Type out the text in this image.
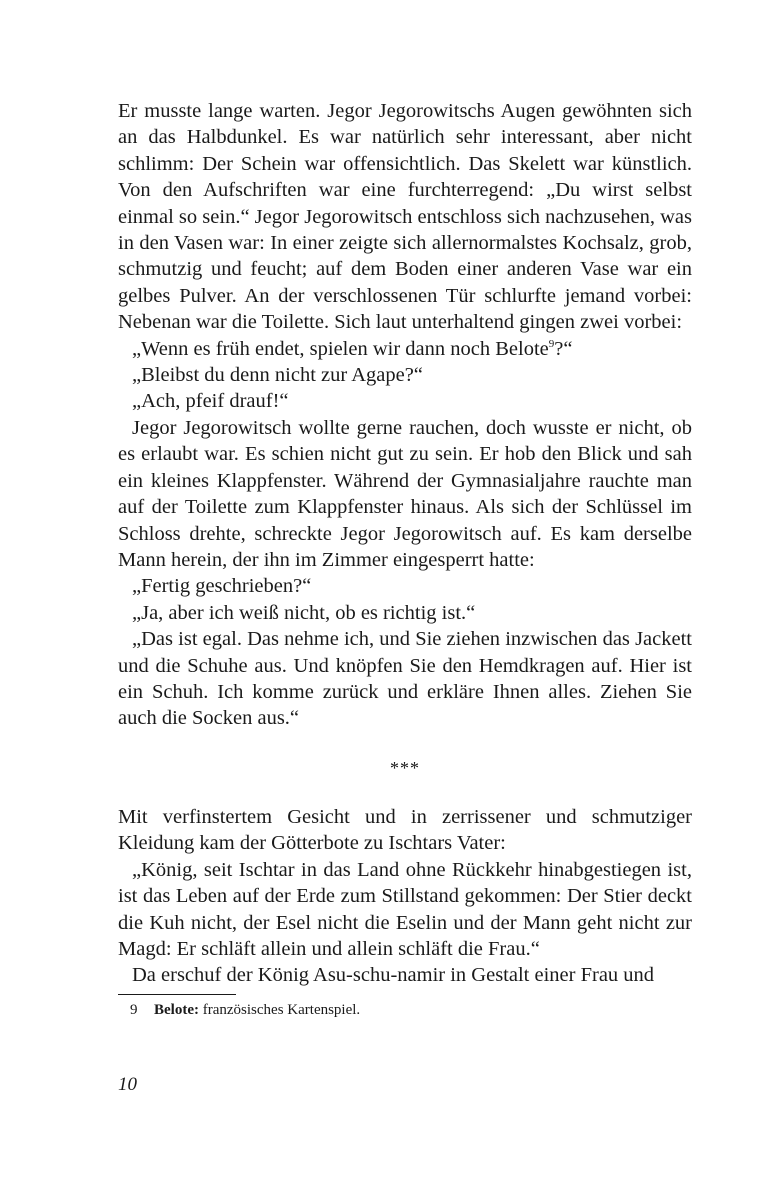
Er musste lange warten. Jegor Jegorowitschs Augen gewöhnten sich an das Halbdunkel. Es war natürlich sehr interessant, aber nicht schlimm: Der Schein war offensichtlich. Das Skelett war künstlich. Von den Aufschriften war eine furchterregend: „Du wirst selbst einmal so sein.“ Jegor Jegorowitsch entschloss sich nachzusehen, was in den Vasen war: In einer zeigte sich allernormalstes Kochsalz, grob, schmutzig und feucht; auf dem Boden einer anderen Vase war ein gelbes Pulver. An der verschlossenen Tür schlurfte jemand vorbei: Nebenan war die Toilette. Sich laut unterhaltend gingen zwei vorbei:

„Wenn es früh endet, spielen wir dann noch Belote$^9$?“

„Bleibst du denn nicht zur Agape?“

„Ach, pfeif drauf!“

Jegor Jegorowitsch wollte gerne rauchen, doch wusste er nicht, ob es erlaubt war. Es schien nicht gut zu sein. Er hob den Blick und sah ein kleines Klappfenster. Während der Gymnasialjahre rauchte man auf der Toilette zum Klappfenster hinaus. Als sich der Schlüssel im Schloss drehte, schreckte Jegor Jegorowitsch auf. Es kam derselbe Mann herein, der ihn im Zimmer eingesperrt hatte:

„Fertig geschrieben?“

„Ja, aber ich weiß nicht, ob es richtig ist.“

„Das ist egal. Das nehme ich, und Sie ziehen inzwischen das Jackett und die Schuhe aus. Und knöpfen Sie den Hemdkragen auf. Hier ist ein Schuh. Ich komme zurück und erkläre Ihnen alles. Ziehen Sie auch die Socken aus.“

***

Mit verfinstertem Gesicht und in zerrissener und schmutziger Kleidung kam der Götterbote zu Ischtars Vater:

„König, seit Ischtar in das Land ohne Rückkehr hinabgestiegen ist, ist das Leben auf der Erde zum Stillstand gekommen: Der Stier deckt die Kuh nicht, der Esel nicht die Eselin und der Mann geht nicht zur Magd: Er schläft allein und allein schläft die Frau.“

Da erschuf der König Asu-schu-namir in Gestalt einer Frau und

9 Belote: französisches Kartenspiel.
10
